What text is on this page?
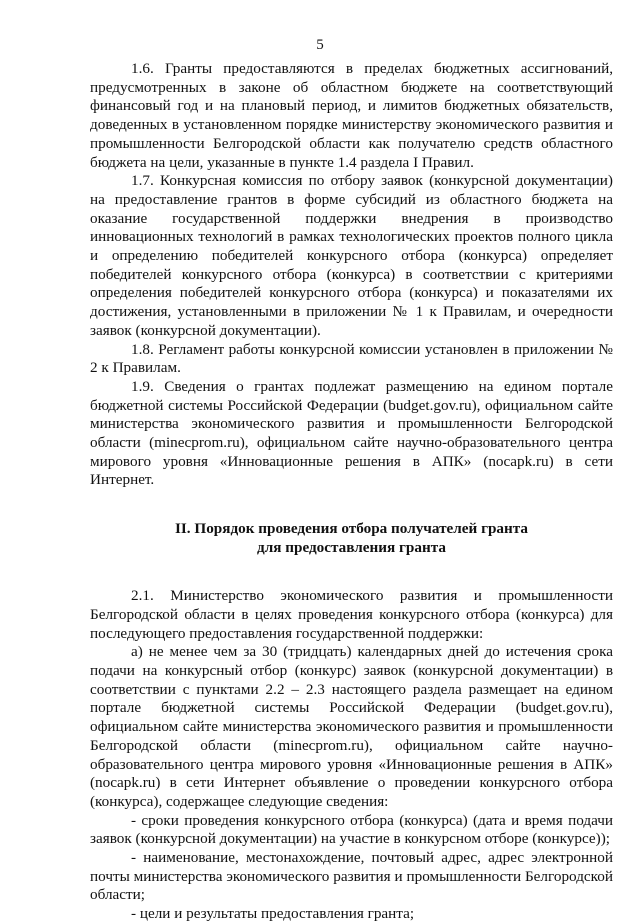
5

1.6. Гранты предоставляются в пределах бюджетных ассигнований, предусмотренных в законе об областном бюджете на соответствующий финансовый год и на плановый период, и лимитов бюджетных обязательств, доведенных в установленном порядке министерству экономического развития и промышленности Белгородской области как получателю средств областного бюджета на цели, указанные в пункте 1.4 раздела I Правил.

1.7. Конкурсная комиссия по отбору заявок (конкурсной документации) на предоставление грантов в форме субсидий из областного бюджета на оказание государственной поддержки внедрения в производство инновационных технологий в рамках технологических проектов полного цикла и определению победителей конкурсного отбора (конкурса) определяет победителей конкурсного отбора (конкурса) в соответствии с критериями определения победителей конкурсного отбора (конкурса) и показателями их достижения, установленными в приложении № 1 к Правилам, и очередности заявок (конкурсной документации).

1.8. Регламент работы конкурсной комиссии установлен в приложении № 2 к Правилам.

1.9. Сведения о грантах подлежат размещению на едином портале бюджетной системы Российской Федерации (budget.gov.ru), официальном сайте министерства экономического развития и промышленности Белгородской области (minecprom.ru), официальном сайте научно-образовательного центра мирового уровня «Инновационные решения в АПК» (nocapk.ru) в сети Интернет.

II. Порядок проведения отбора получателей гранта

для предоставления гранта

2.1. Министерство экономического развития и промышленности Белгородской области в целях проведения конкурсного отбора (конкурса) для последующего предоставления государственной поддержки:

а) не менее чем за 30 (тридцать) календарных дней до истечения срока подачи на конкурсный отбор (конкурс) заявок (конкурсной документации) в соответствии с пунктами 2.2 – 2.3 настоящего раздела размещает на едином портале бюджетной системы Российской Федерации (budget.gov.ru), официальном сайте министерства экономического развития и промышленности Белгородской области (minecprom.ru), официальном сайте научно-образовательного центра мирового уровня «Инновационные решения в АПК» (nocapk.ru) в сети Интернет объявление о проведении конкурсного отбора (конкурса), содержащее следующие сведения:

- сроки проведения конкурсного отбора (конкурса) (дата и время подачи заявок (конкурсной документации) на участие в конкурсном отборе (конкурсе));

- наименование, местонахождение, почтовый адрес, адрес электронной почты министерства экономического развития и промышленности Белгородской области;

- цели и результаты предоставления гранта;
